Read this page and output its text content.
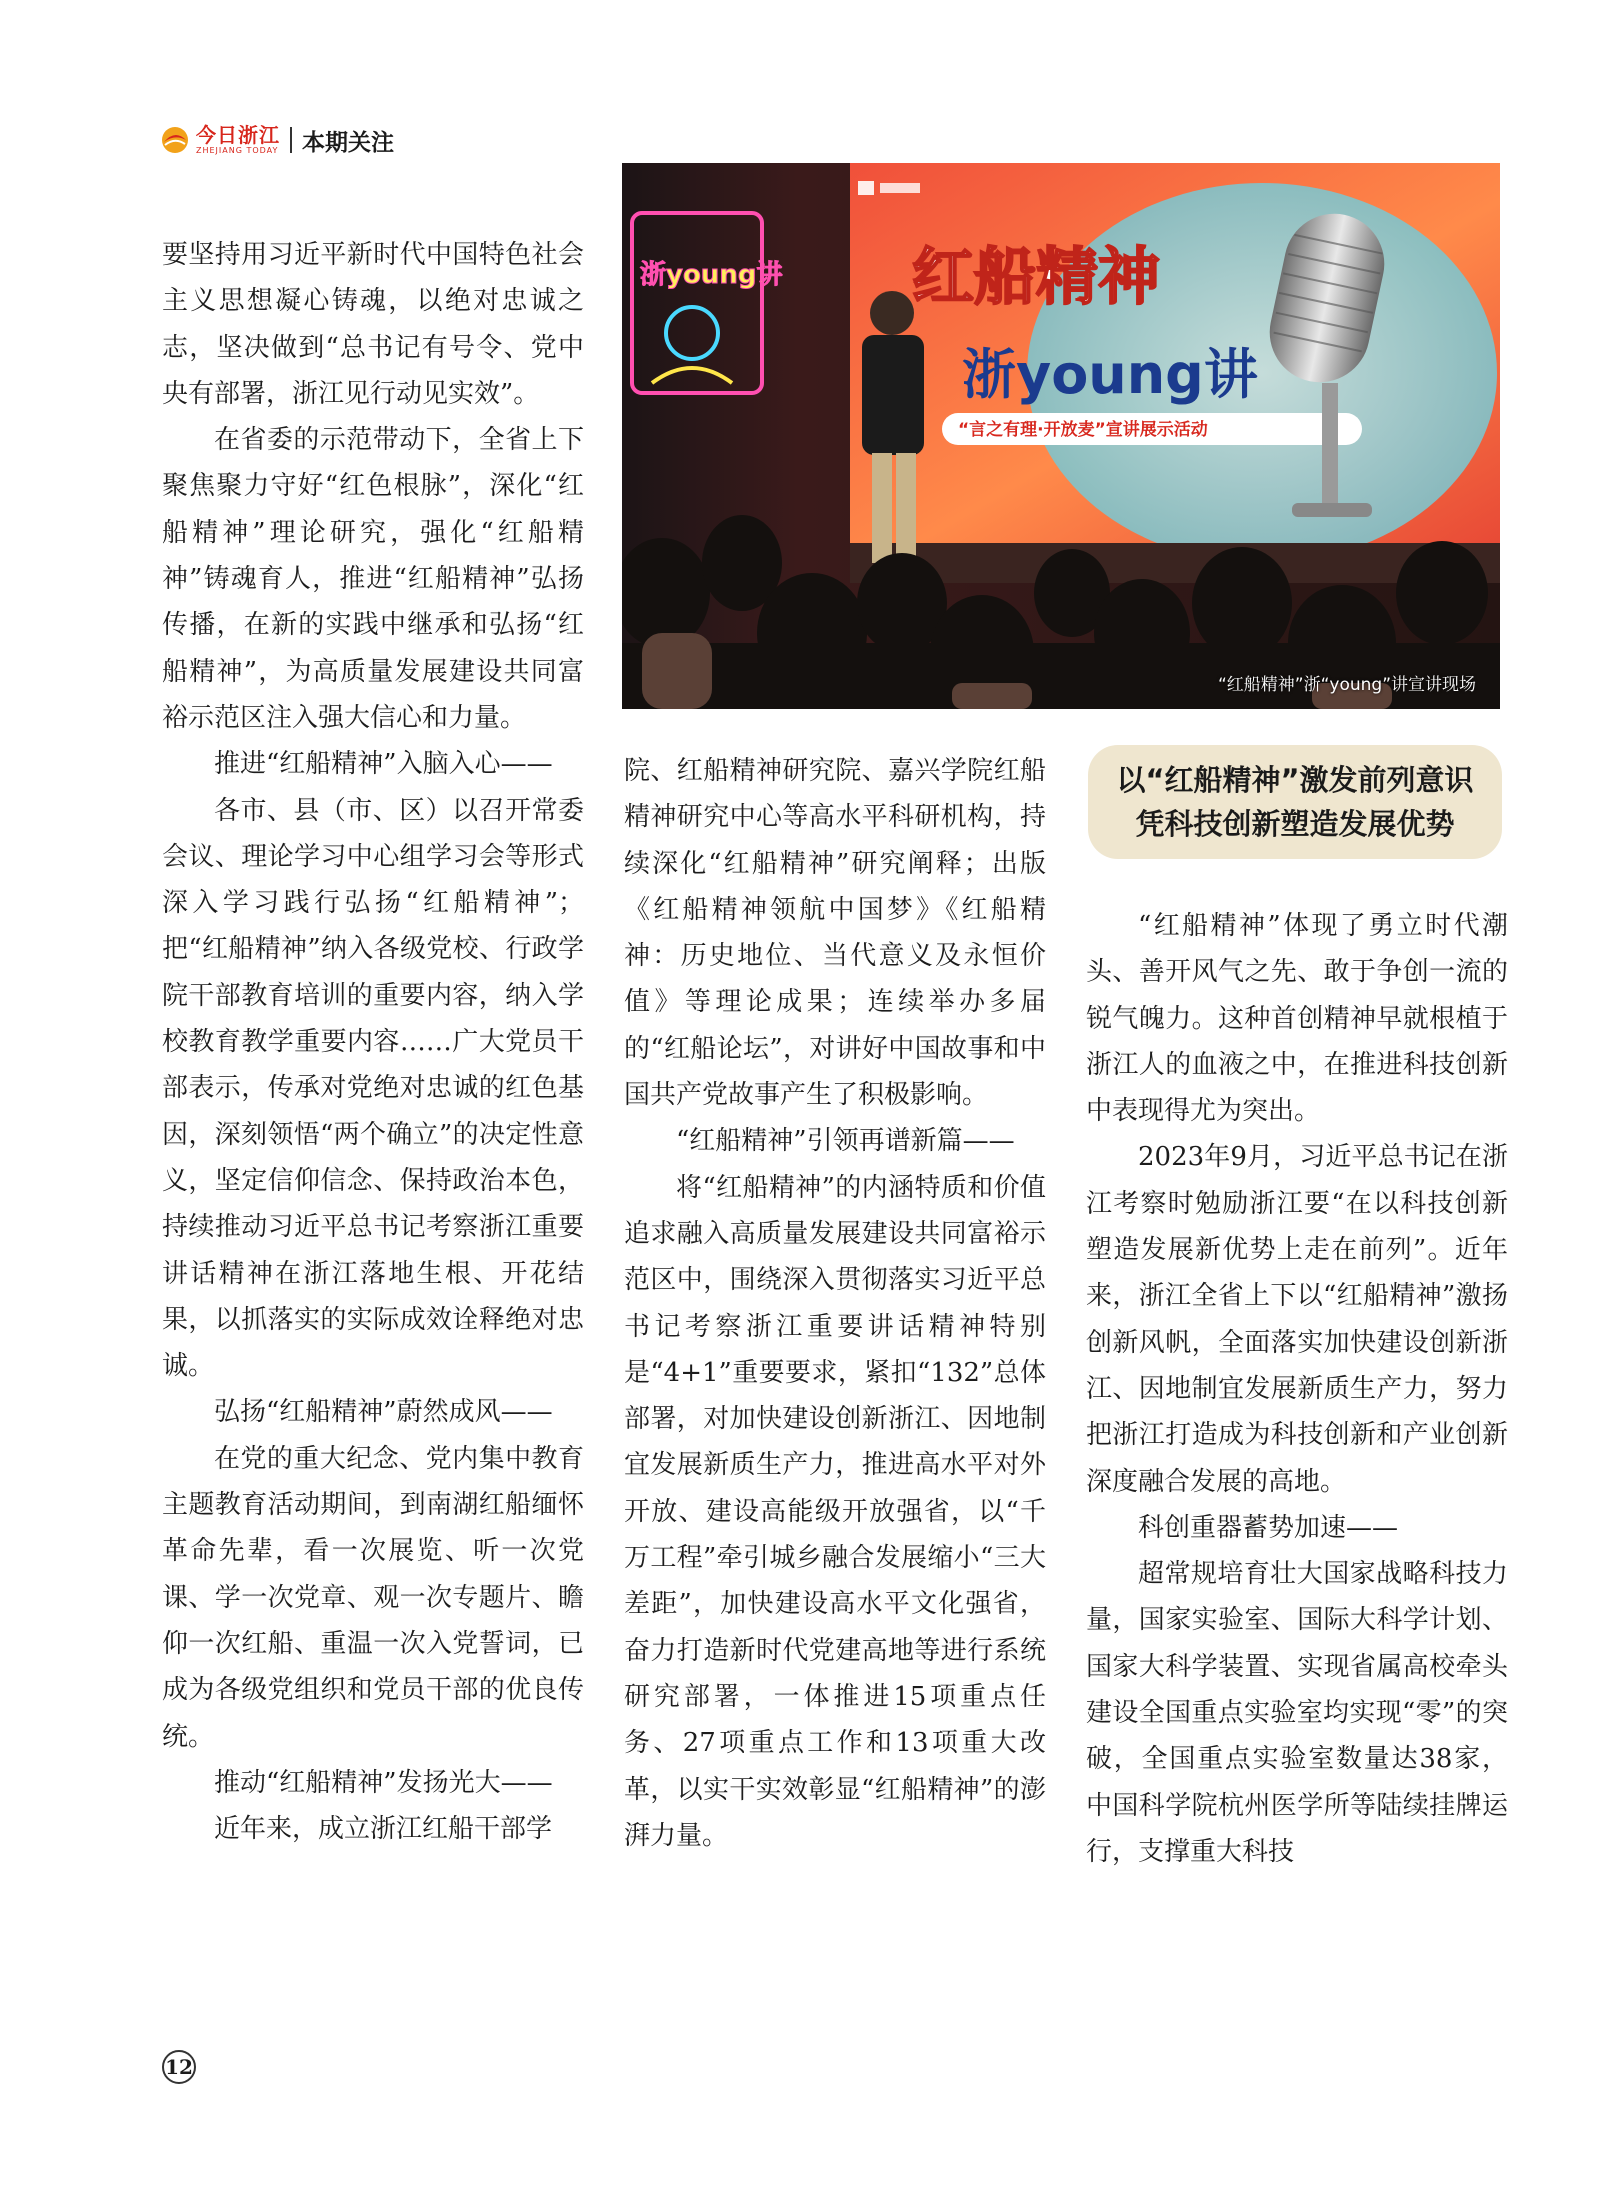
今日浙江
ZHEJIANG TODAY 本期关注

要坚持用习近平新时代中国特色社会主义思想凝心铸魂，以绝对忠诚之志，坚决做到“总书记有号令、党中央有部署，浙江见行动见实效”。

在省委的示范带动下，全省上下聚焦聚力守好“红色根脉”，深化“红船精神”理论研究，强化“红船精神”铸魂育人，推进“红船精神”弘扬传播，在新的实践中继承和弘扬“红船精神”，为高质量发展建设共同富裕示范区注入强大信心和力量。

推进“红船精神”入脑入心——

各市、县（市、区）以召开常委会议、理论学习中心组学习会等形式深入学习践行弘扬“红船精神”；把“红船精神”纳入各级党校、行政学院干部教育培训的重要内容，纳入学校教育教学重要内容……广大党员干部表示，传承对党绝对忠诚的红色基因，深刻领悟“两个确立”的决定性意义，坚定信仰信念、保持政治本色，持续推动习近平总书记考察浙江重要讲话精神在浙江落地生根、开花结果，以抓落实的实际成效诠释绝对忠诚。

弘扬“红船精神”蔚然成风——

在党的重大纪念、党内集中教育主题教育活动期间，到南湖红船缅怀革命先辈，看一次展览、听一次党课、学一次党章、观一次专题片、瞻仰一次红船、重温一次入党誓词，已成为各级党组织和党员干部的优良传统。

推动“红船精神”发扬光大——

近年来，成立浙江红船干部学

红船精神
浙young讲
“言之有理·开放麦”宣讲展示活动
浙young讲
“红船精神”浙“young”讲宣讲现场

院、红船精神研究院、嘉兴学院红船精神研究中心等高水平科研机构，持续深化“红船精神”研究阐释；出版《红船精神领航中国梦》《红船精神：历史地位、当代意义及永恒价值》等理论成果；连续举办多届的“红船论坛”，对讲好中国故事和中国共产党故事产生了积极影响。

“红船精神”引领再谱新篇——

将“红船精神”的内涵特质和价值追求融入高质量发展建设共同富裕示范区中，围绕深入贯彻落实习近平总书记考察浙江重要讲话精神特别是“4+1”重要要求，紧扣“132”总体部署，对加快建设创新浙江、因地制宜发展新质生产力，推进高水平对外开放、建设高能级开放强省，以“千万工程”牵引城乡融合发展缩小“三大差距”，加快建设高水平文化强省，奋力打造新时代党建高地等进行系统研究部署，一体推进15项重点任务、27项重点工作和13项重大改革，以实干实效彰显“红船精神”的澎湃力量。

以“红船精神”激发前列意识
凭科技创新塑造发展优势

“红船精神”体现了勇立时代潮头、善开风气之先、敢于争创一流的锐气魄力。这种首创精神早就根植于浙江人的血液之中，在推进科技创新中表现得尤为突出。

2023年9月，习近平总书记在浙江考察时勉励浙江要“在以科技创新塑造发展新优势上走在前列”。近年来，浙江全省上下以“红船精神”激扬创新风帆，全面落实加快建设创新浙江、因地制宜发展新质生产力，努力把浙江打造成为科技创新和产业创新深度融合发展的高地。

科创重器蓄势加速——

超常规培育壮大国家战略科技力量，国家实验室、国际大科学计划、国家大科学装置、实现省属高校牵头建设全国重点实验室均实现“零”的突破，全国重点实验室数量达38家，中国科学院杭州医学所等陆续挂牌运行，支撑重大科技

12
